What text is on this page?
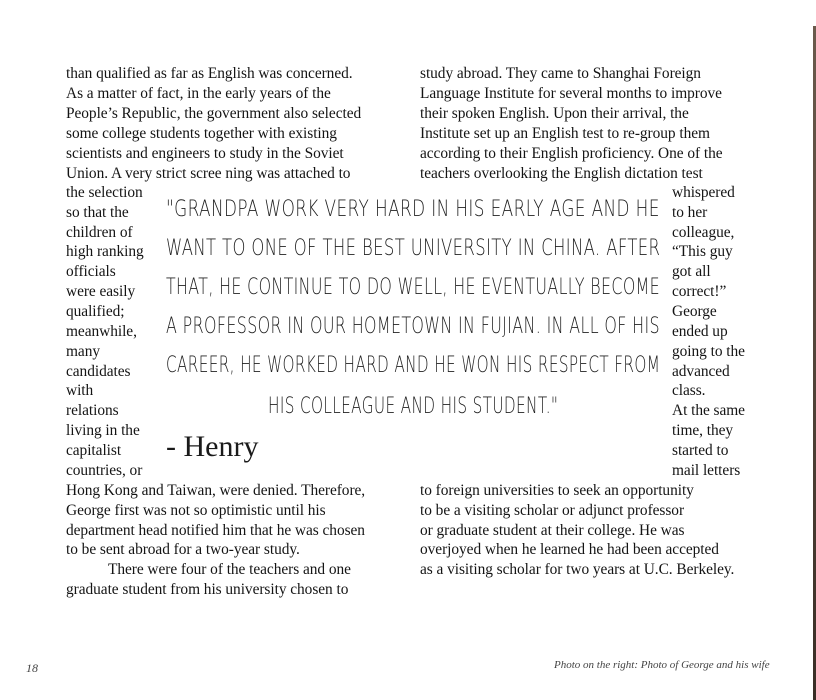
than qualified as far as English was concerned.
As a matter of fact, in the early years of the
People’s Republic, the government also selected
some college students together with existing
scientists and engineers to study in the Soviet
Union. A very strict scree ning was attached to
the selection
so that the
children of
high ranking
officials
were easily
qualified;
meanwhile,
many
candidates
with
relations
living in the
capitalist
countries, or
Hong Kong and Taiwan, were denied. Therefore,
George first was not so optimistic until his
department head notified him that he was chosen
to be sent abroad for a two-year study.
There were four of the teachers and one
graduate student from his university chosen to
study abroad. They came to Shanghai Foreign
Language Institute for several months to improve
their spoken English. Upon their arrival, the
Institute set up an English test to re-group them
according to their English proficiency. One of the
teachers overlooking the English dictation test
whispered
to her
colleague,
“This guy
got all
correct!”
George
ended up
going to the
advanced
class.
At the same
time, they
started to
mail letters
to foreign universities to seek an opportunity
to be a visiting scholar or adjunct professor
or graduate student at their college. He was
overjoyed when he learned he had been accepted
as a visiting scholar for two years at U.C. Berkeley.
"GRANDPA WORK VERY HARD IN HIS EARLY AGE AND HE
WANT TO ONE OF THE BEST UNIVERSITY IN CHINA. AFTER
THAT, HE CONTINUE TO DO WELL, HE EVENTUALLY BECOME
A PROFESSOR IN OUR HOMETOWN IN FUJIAN. IN ALL OF HIS
CAREER, HE WORKED HARD AND HE WON HIS RESPECT FROM
HIS COLLEAGUE AND HIS STUDENT."
- Henry
18	Photo on the right: Photo of George and his wife
